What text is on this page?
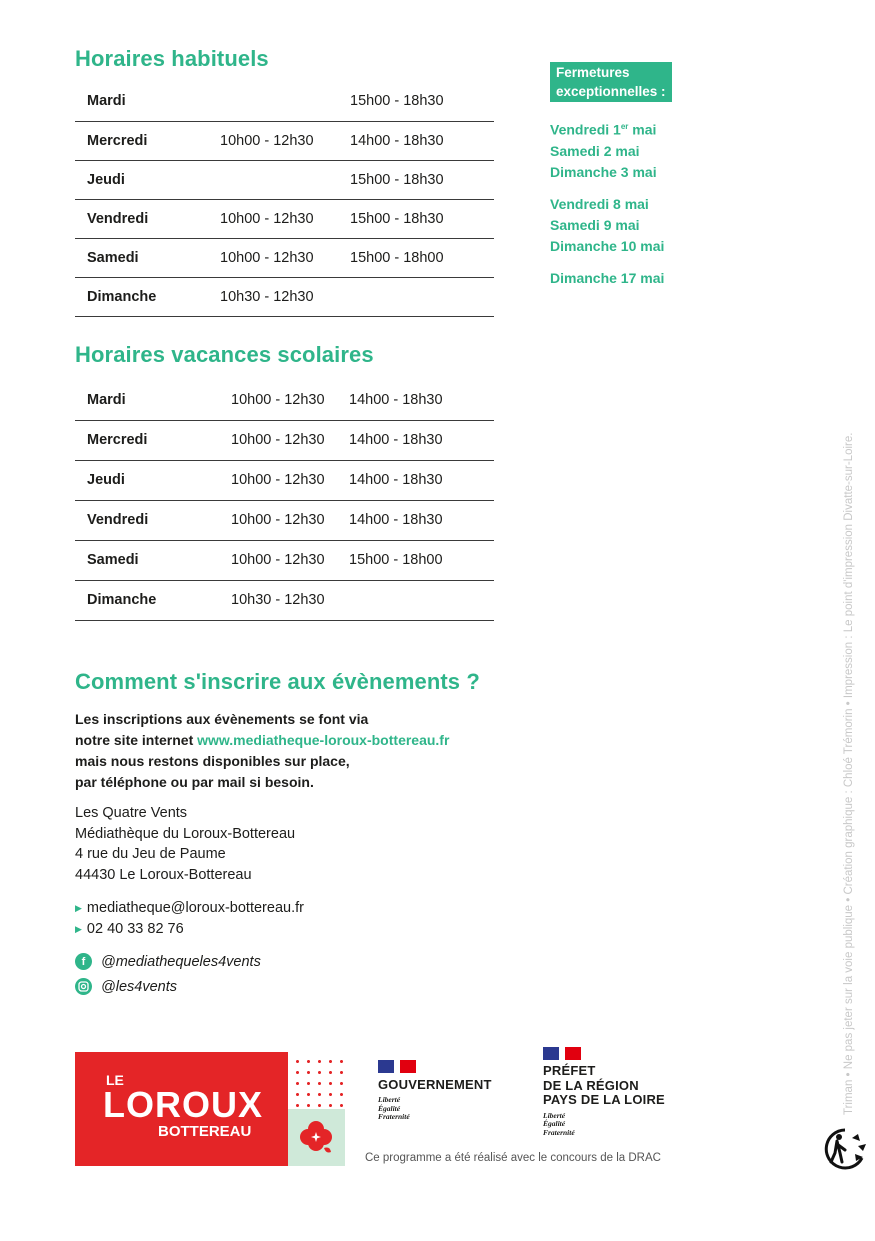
Horaires habituels
Mardi		15h00 - 18h30
Mercredi	10h00 - 12h30	14h00 - 18h30
Jeudi		15h00 - 18h30
Vendredi	10h00 - 12h30	15h00 - 18h30
Samedi	10h00 - 12h30	15h00 - 18h00
Dimanche	10h30 - 12h30	
Fermetures
exceptionnelles :
Vendredi 1er mai
Samedi 2 mai
Dimanche 3 mai
Vendredi 8 mai
Samedi 9 mai
Dimanche 10 mai
Dimanche 17 mai
Horaires vacances scolaires
Mardi	10h00 - 12h30	14h00 - 18h30
Mercredi	10h00 - 12h30	14h00 - 18h30
Jeudi	10h00 - 12h30	14h00 - 18h30
Vendredi	10h00 - 12h30	14h00 - 18h30
Samedi	10h00 - 12h30	15h00 - 18h00
Dimanche	10h30 - 12h30	
Comment s'inscrire aux évènements ?
Les inscriptions aux évènements se font via
notre site internet www.mediatheque-loroux-bottereau.fr
mais nous restons disponibles sur place,
par téléphone ou par mail si besoin.
Les Quatre Vents
Médiathèque du Loroux-Bottereau
4 rue du Jeu de Paume
44430 Le Loroux-Bottereau
▶ mediatheque@loroux-bottereau.fr
▶ 02 40 33 82 76
f	@mediathequeles4vents
@les4vents
LE
LOROUX
BOTTEREAU
GOUVERNEMENT
Liberté
Égalité
Fraternité
PRÉFET
DE LA RÉGION
PAYS DE LA LOIRE
Liberté
Égalité
Fraternité
Ce programme a été réalisé avec le concours de la DRAC
Triman • Ne pas jeter sur la voie publique • Création graphique : Chloé Trémorin • Impression : Le point d'impression Divatte-sur-Loire.
